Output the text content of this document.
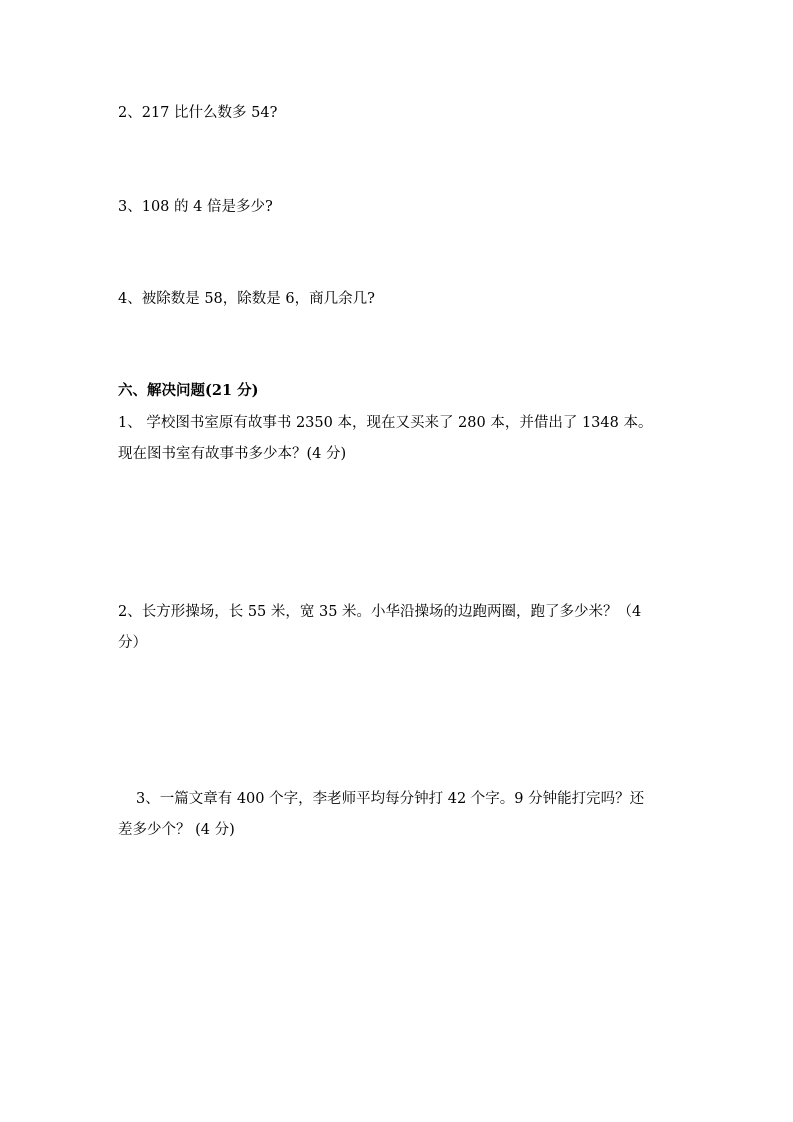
2、217 比什么数多 54?
3、108 的 4 倍是多少?
4、被除数是 58，除数是 6，商几余几?
六、解决问题(21 分)
1、 学校图书室原有故事书 2350 本，现在又买来了 280 本，并借出了 1348 本。
现在图书室有故事书多少本？(4 分)
2、长方形操场，长 55 米，宽 35 米。小华沿操场的边跑两圈，跑了多少米？（4
分）
3、一篇文章有 400 个字，李老师平均每分钟打 42 个字。9 分钟能打完吗？还
差多少个？ (4 分)
